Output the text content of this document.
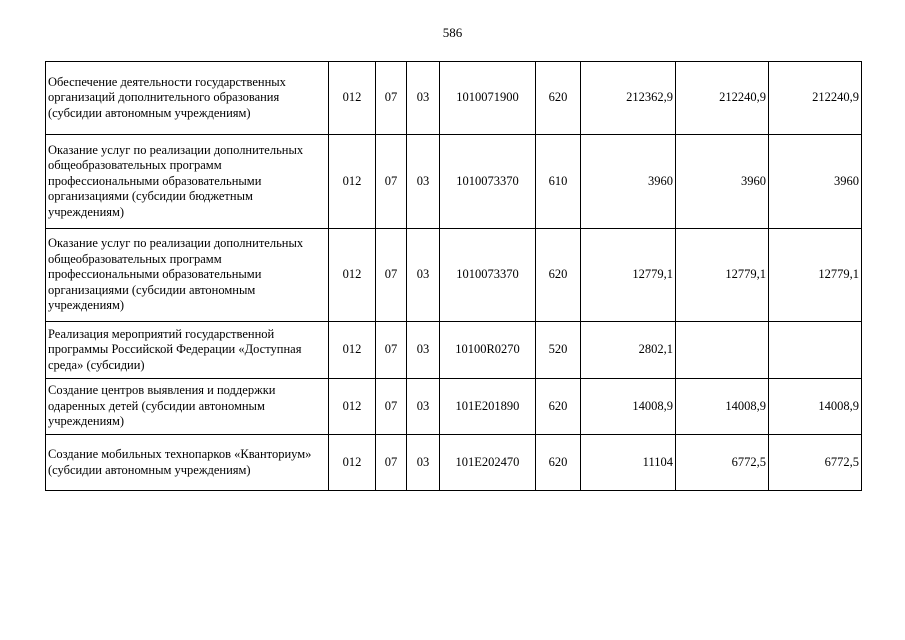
586
Обеспечение деятельности государственных организаций дополнительного образования (субсидии автономным учреждениям)	012	07	03	1010071900	620	212362,9	212240,9	212240,9
Оказание услуг по реализации дополнительных общеобразовательных программ профессиональными образовательными организациями (субсидии бюджетным учреждениям)	012	07	03	1010073370	610	3960	3960	3960
Оказание услуг по реализации дополнительных общеобразовательных программ профессиональными образовательными организациями (субсидии автономным учреждениям)	012	07	03	1010073370	620	12779,1	12779,1	12779,1
Реализация мероприятий государственной программы Российской Федерации «Доступная среда» (субсидии)	012	07	03	10100R0270	520	2802,1		
Создание центров выявления и поддержки одаренных детей (субсидии автономным учреждениям)	012	07	03	101E201890	620	14008,9	14008,9	14008,9
Создание мобильных технопарков «Кванториум» (субсидии автономным учреждениям)	012	07	03	101E202470	620	11104	6772,5	6772,5
